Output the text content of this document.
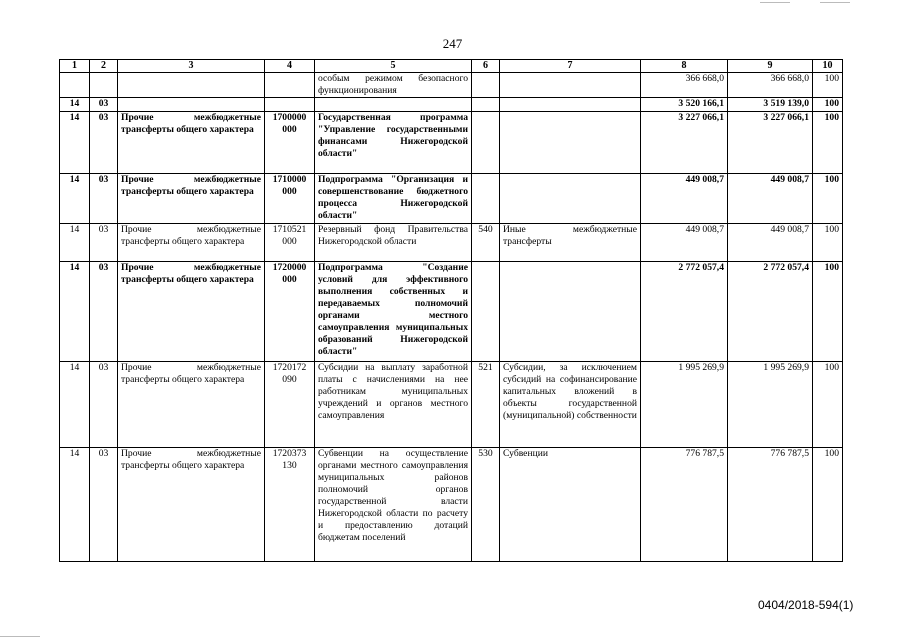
247
1	2	3	4	5	6	7	8	9	10
				особым режимом безопасного функционирования			366 668,0	366 668,0	100
14	03						3 520 166,1	3 519 139,0	100
14	03	Прочие межбюджетные трансферты общего характера	1700000 000	Государственная программа "Управление государственными финансами Нижегородской области"			3 227 066,1	3 227 066,1	100
14	03	Прочие межбюджетные трансферты общего характера	1710000 000	Подпрограмма "Организация и совершенствование бюджетного процесса Нижегородской области"			449 008,7	449 008,7	100
14	03	Прочие межбюджетные трансферты общего характера	1710521 000	Резервный фонд Правительства Нижегородской области	540	Иные межбюджетные трансферты	449 008,7	449 008,7	100
14	03	Прочие межбюджетные трансферты общего характера	1720000 000	Подпрограмма "Создание условий для эффективного выполнения собственных и передаваемых полномочий органами местного самоуправления муниципальных образований Нижегородской области"			2 772 057,4	2 772 057,4	100
14	03	Прочие межбюджетные трансферты общего характера	1720172 090	Субсидии на выплату заработной платы с начислениями на нее работникам муниципальных учреждений и органов местного самоуправления	521	Субсидии, за исключением субсидий на софинансирование капитальных вложений в объекты государственной (муниципальной) собственности	1 995 269,9	1 995 269,9	100
14	03	Прочие межбюджетные трансферты общего характера	1720373 130	Субвенции на осуществление органами местного самоуправления муниципальных районов полномочий органов государственной власти Нижегородской области по расчету и предоставлению дотаций бюджетам поселений	530	Субвенции	776 787,5	776 787,5	100
0404/2018-594(1)
